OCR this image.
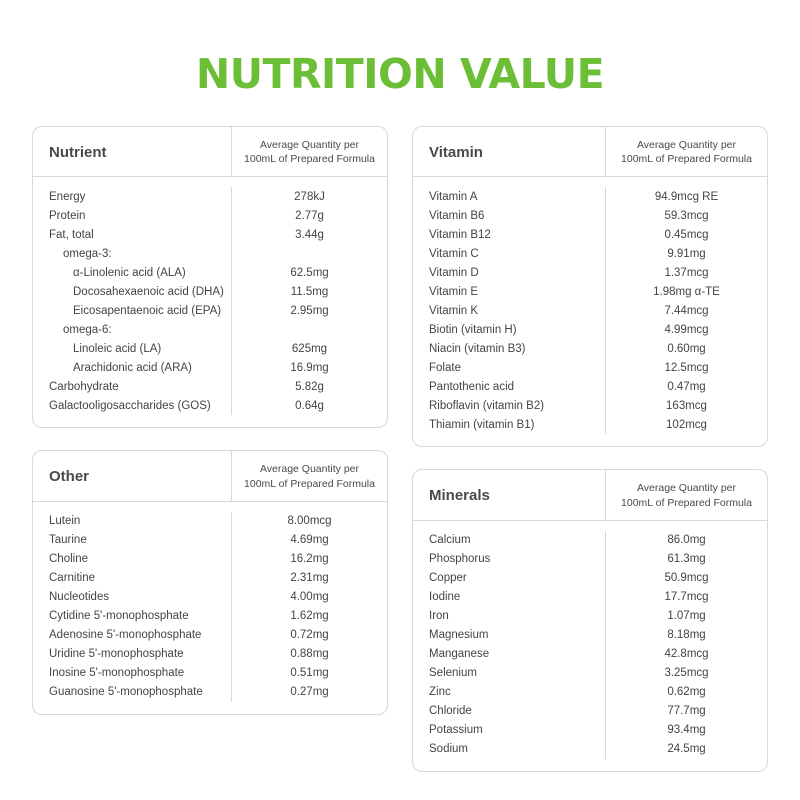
NUTRITION VALUE
Nutrient	Average Quantity per
100mL of Prepared Formula
Energy	278kJ
Protein	2.77g
Fat, total	3.44g
omega-3:
α-Linolenic acid (ALA)	62.5mg
Docosahexaenoic acid (DHA)	11.5mg
Eicosapentaenoic acid (EPA)	2.95mg
omega-6:
Linoleic acid (LA)	625mg
Arachidonic acid (ARA)	16.9mg
Carbohydrate	5.82g
Galactooligosaccharides (GOS)	0.64g
Other	Average Quantity per
100mL of Prepared Formula
Lutein	8.00mcg
Taurine	4.69mg
Choline	16.2mg
Carnitine	2.31mg
Nucleotides	4.00mg
Cytidine 5'-monophosphate	1.62mg
Adenosine 5'-monophosphate	0.72mg
Uridine 5'-monophosphate	0.88mg
Inosine 5'-monophosphate	0.51mg
Guanosine 5'-monophosphate	0.27mg
Vitamin	Average Quantity per
100mL of Prepared Formula
Vitamin A	94.9mcg RE
Vitamin B6	59.3mcg
Vitamin B12	0.45mcg
Vitamin C	9.91mg
Vitamin D	1.37mcg
Vitamin E	1.98mg α-TE
Vitamin K	7.44mcg
Biotin (vitamin H)	4.99mcg
Niacin (vitamin B3)	0.60mg
Folate	12.5mcg
Pantothenic acid	0.47mg
Riboflavin (vitamin B2)	163mcg
Thiamin (vitamin B1)	102mcg
Minerals	Average Quantity per
100mL of Prepared Formula
Calcium	86.0mg
Phosphorus	61.3mg
Copper	50.9mcg
Iodine	17.7mcg
Iron	1.07mg
Magnesium	8.18mg
Manganese	42.8mcg
Selenium	3.25mcg
Zinc	0.62mg
Chloride	77.7mg
Potassium	93.4mg
Sodium	24.5mg
